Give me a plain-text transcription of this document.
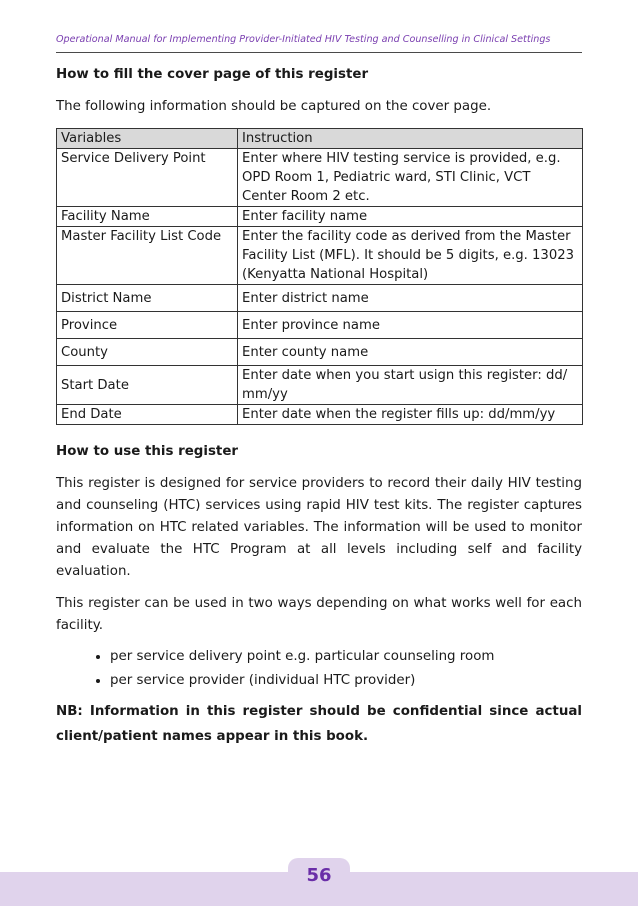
Operational Manual for Implementing Provider-Initiated HIV Testing and Counselling in Clinical Settings
How to fill the cover page of this register

The following information should be captured on the cover page.

Variables	Instruction
Service Delivery Point	Enter where HIV testing service is provided, e.g. OPD Room 1, Pediatric ward, STI Clinic, VCT Center Room 2 etc.
Facility Name	Enter facility name
Master Facility List Code	Enter the facility code as derived from the Master Facility List (MFL). It should be 5 digits, e.g. 13023 (Kenyatta National Hospital)
District Name	Enter district name
Province	Enter province name
County	Enter county name
Start Date	Enter date when you start usign this register: dd/ mm/yy
End Date	Enter date when the register fills up: dd/mm/yy
How to use this register

This register is designed for service providers to record their daily HIV testing and counseling (HTC) services using rapid HIV test kits. The register captures information on HTC related variables. The information will be used to monitor and evaluate the HTC Program at all levels including self and facility evaluation.

This register can be used in two ways depending on what works well for each facility.

• per service delivery point e.g. particular counseling room
• per service provider (individual HTC provider)

NB: Information in this register should be confidential since actual client/patient names appear in this book.

56
